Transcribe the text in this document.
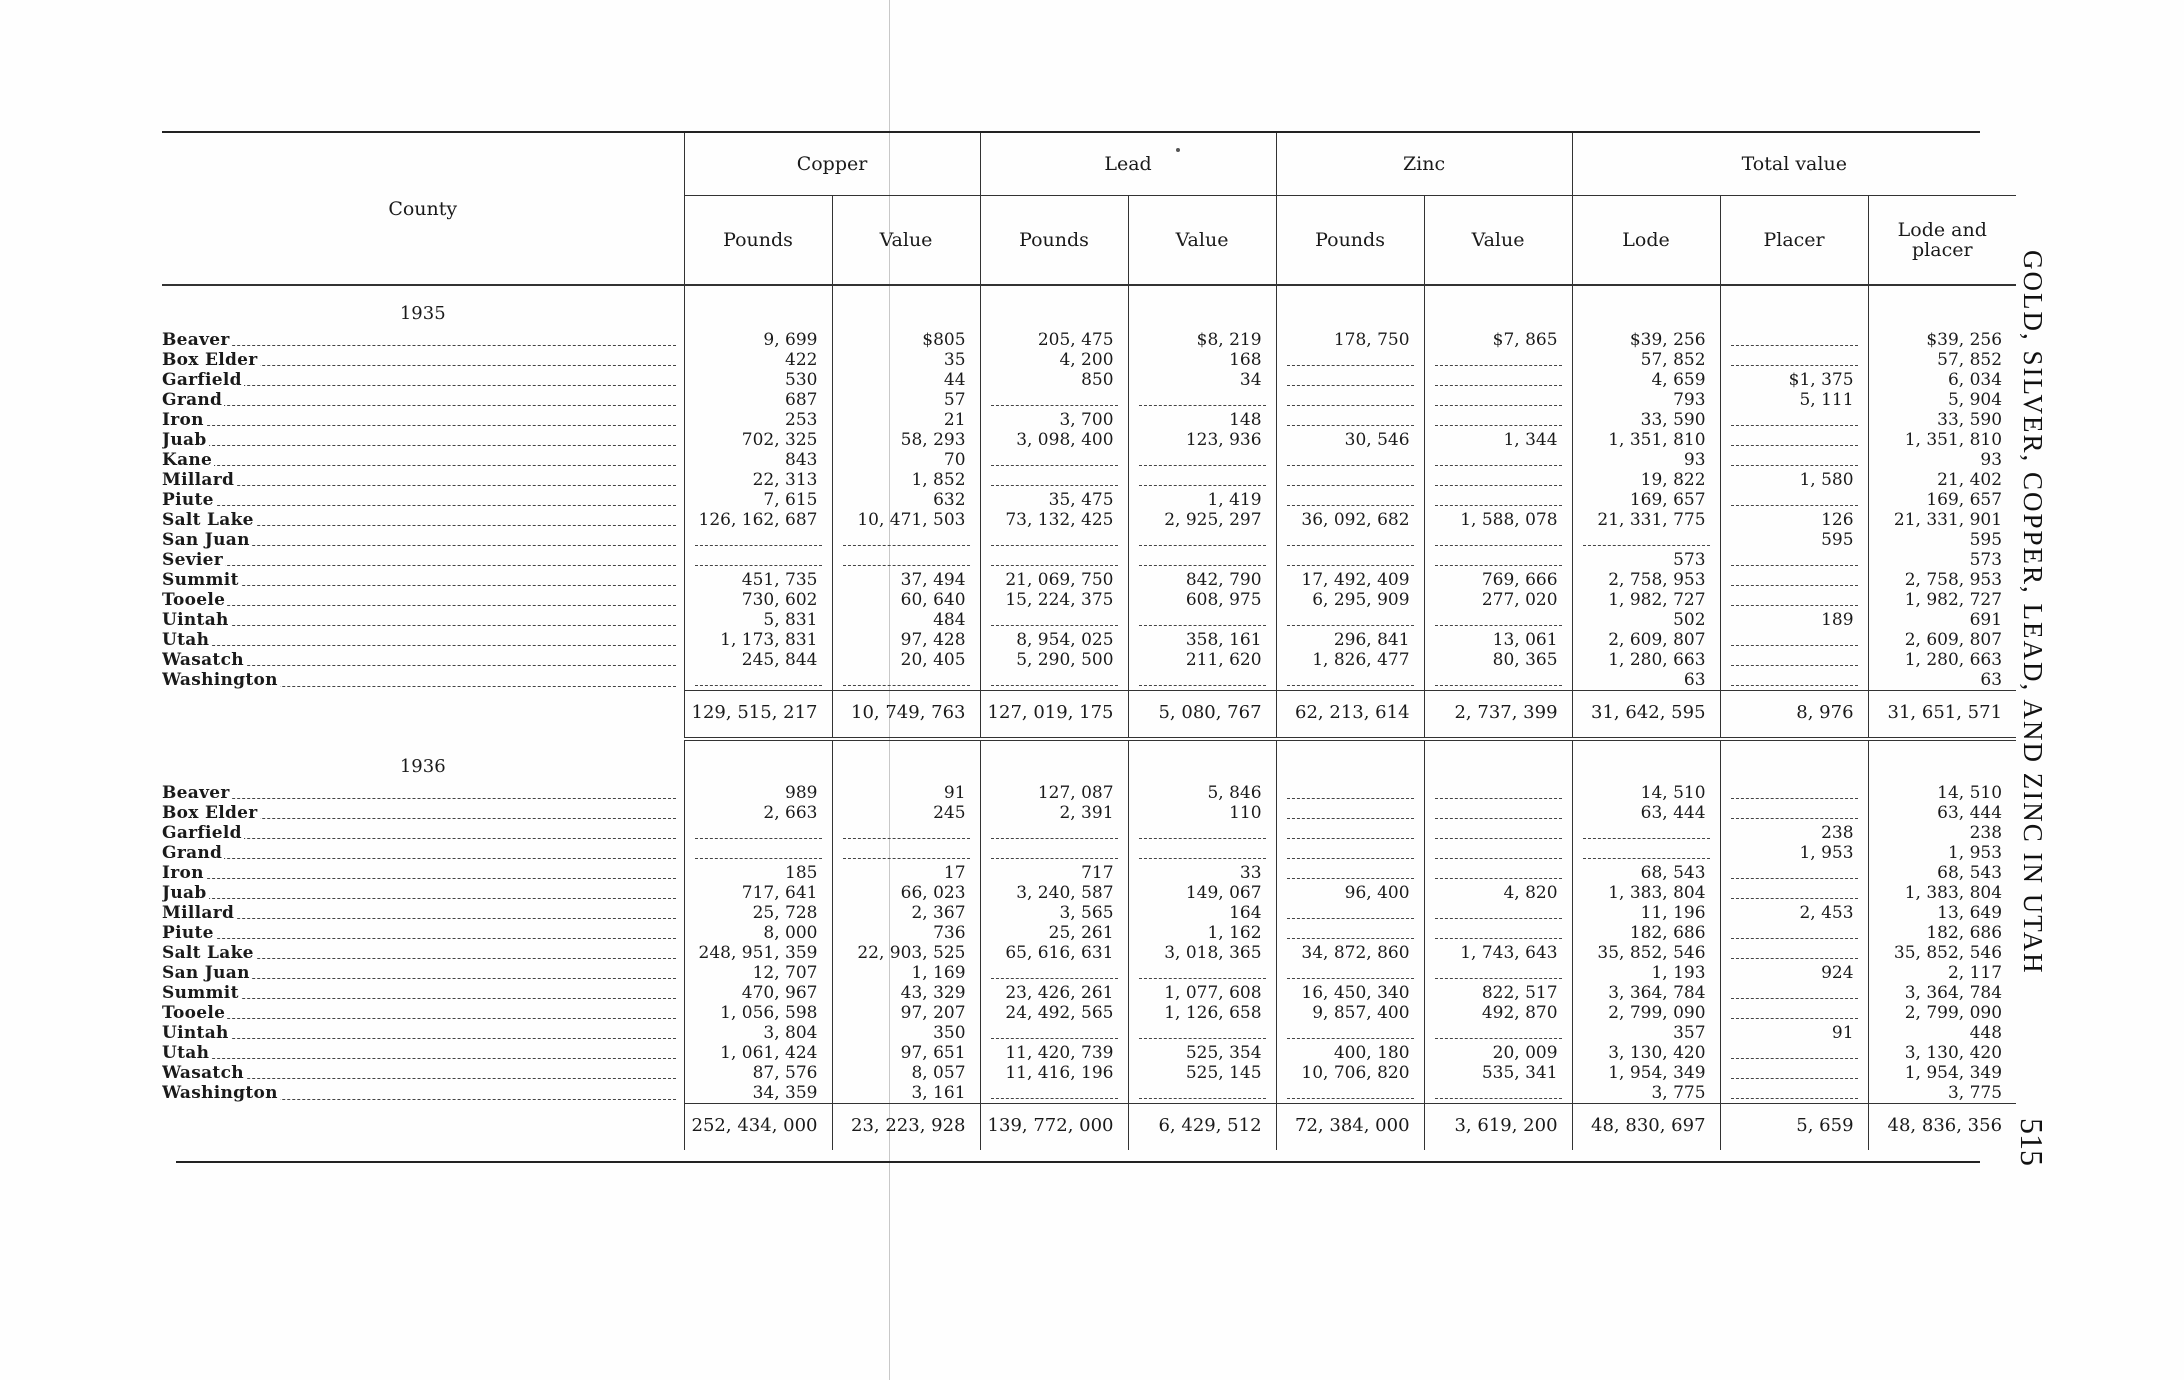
County	Copper		Lead		Zinc		Total value		
	Pounds	Value	Pounds	Value	Pounds	Value	Lode	Placer	Lode and placer
1935									

Beaver	9, 699	$805	205, 475	$8, 219	178, 750	$7, 865	$39, 256		$39, 256

Box Elder	422	35	4, 200	168			57, 852		57, 852

Garfield	530	44	850	34			4, 659	$1, 375	6, 034

Grand	687	57					793	5, 111	5, 904

Iron	253	21	3, 700	148			33, 590		33, 590

Juab	702, 325	58, 293	3, 098, 400	123, 936	30, 546	1, 344	1, 351, 810		1, 351, 810

Kane	843	70					93		93

Millard	22, 313	1, 852					19, 822	1, 580	21, 402

Piute	7, 615	632	35, 475	1, 419			169, 657		169, 657

Salt Lake	126, 162, 687	10, 471, 503	73, 132, 425	2, 925, 297	36, 092, 682	1, 588, 078	21, 331, 775	126	21, 331, 901

San Juan								595	595

Sevier							573		573

Summit	451, 735	37, 494	21, 069, 750	842, 790	17, 492, 409	769, 666	2, 758, 953		2, 758, 953

Tooele	730, 602	60, 640	15, 224, 375	608, 975	6, 295, 909	277, 020	1, 982, 727		1, 982, 727

Uintah	5, 831	484					502	189	691

Utah	1, 173, 831	97, 428	8, 954, 025	358, 161	296, 841	13, 061	2, 609, 807		2, 609, 807

Wasatch	245, 844	20, 405	5, 290, 500	211, 620	1, 826, 477	80, 365	1, 280, 663		1, 280, 663

Washington							63		63
	129, 515, 217	10, 749, 763	127, 019, 175	5, 080, 767	62, 213, 614	2, 737, 399	31, 642, 595	8, 976	31, 651, 571
1936									

Beaver	989	91	127, 087	5, 846			14, 510		14, 510

Box Elder	2, 663	245	2, 391	110			63, 444		63, 444

Garfield								238	238

Grand								1, 953	1, 953

Iron	185	17	717	33			68, 543		68, 543

Juab	717, 641	66, 023	3, 240, 587	149, 067	96, 400	4, 820	1, 383, 804		1, 383, 804

Millard	25, 728	2, 367	3, 565	164			11, 196	2, 453	13, 649

Piute	8, 000	736	25, 261	1, 162			182, 686		182, 686

Salt Lake	248, 951, 359	22, 903, 525	65, 616, 631	3, 018, 365	34, 872, 860	1, 743, 643	35, 852, 546		35, 852, 546

San Juan	12, 707	1, 169					1, 193	924	2, 117

Summit	470, 967	43, 329	23, 426, 261	1, 077, 608	16, 450, 340	822, 517	3, 364, 784		3, 364, 784

Tooele	1, 056, 598	97, 207	24, 492, 565	1, 126, 658	9, 857, 400	492, 870	2, 799, 090		2, 799, 090

Uintah	3, 804	350					357	91	448

Utah	1, 061, 424	97, 651	11, 420, 739	525, 354	400, 180	20, 009	3, 130, 420		3, 130, 420

Wasatch	87, 576	8, 057	11, 416, 196	525, 145	10, 706, 820	535, 341	1, 954, 349		1, 954, 349

Washington	34, 359	3, 161					3, 775		3, 775
	252, 434, 000	23, 223, 928	139, 772, 000	6, 429, 512	72, 384, 000	3, 619, 200	48, 830, 697	5, 659	48, 836, 356
GOLD, SILVER, COPPER, LEAD, AND ZINC IN UTAH
515
